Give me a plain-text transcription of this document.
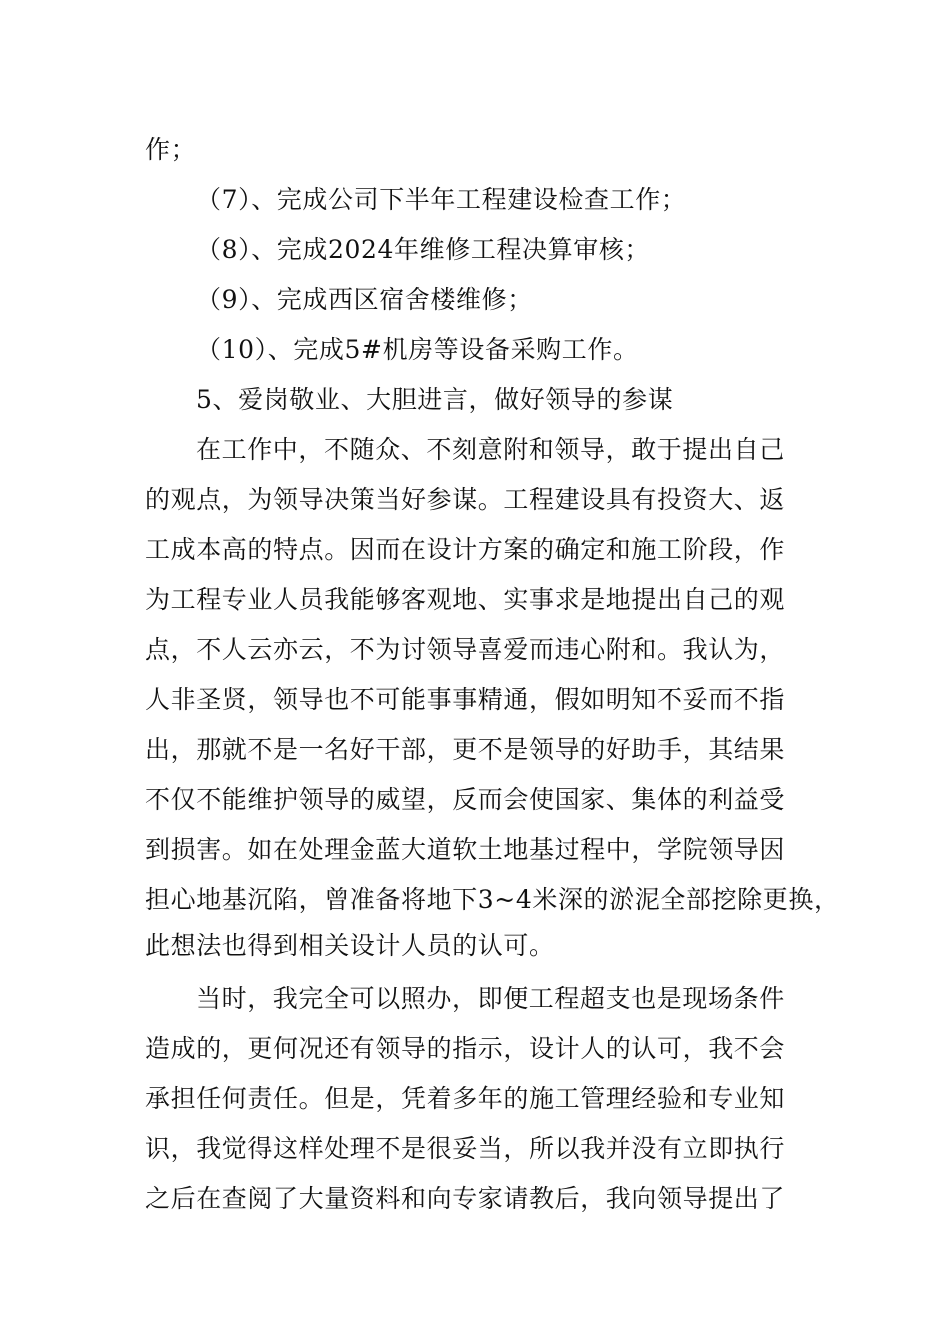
作；
（7）、完成公司下半年工程建设检查工作；
（8）、完成2024年维修工程决算审核；
（9）、完成西区宿舍楼维修；
（10）、完成5#机房等设备采购工作。
5、爱岗敬业、大胆进言，做好领导的参谋
在工作中，不随众、不刻意附和领导，敢于提出自己
的观点，为领导决策当好参谋。工程建设具有投资大、返
工成本高的特点。因而在设计方案的确定和施工阶段，作
为工程专业人员我能够客观地、实事求是地提出自己的观
点，不人云亦云，不为讨领导喜爱而违心附和。我认为，
人非圣贤，领导也不可能事事精通，假如明知不妥而不指
出，那就不是一名好干部，更不是领导的好助手，其结果
不仅不能维护领导的威望，反而会使国家、集体的利益受
到损害。如在处理金蓝大道软土地基过程中，学院领导因
担心地基沉陷，曾准备将地下3~4米深的淤泥全部挖除更换，
此想法也得到相关设计人员的认可。
当时，我完全可以照办，即便工程超支也是现场条件
造成的，更何况还有领导的指示，设计人的认可，我不会
承担任何责任。但是，凭着多年的施工管理经验和专业知
识，我觉得这样处理不是很妥当，所以我并没有立即执行
之后在查阅了大量资料和向专家请教后，我向领导提出了
